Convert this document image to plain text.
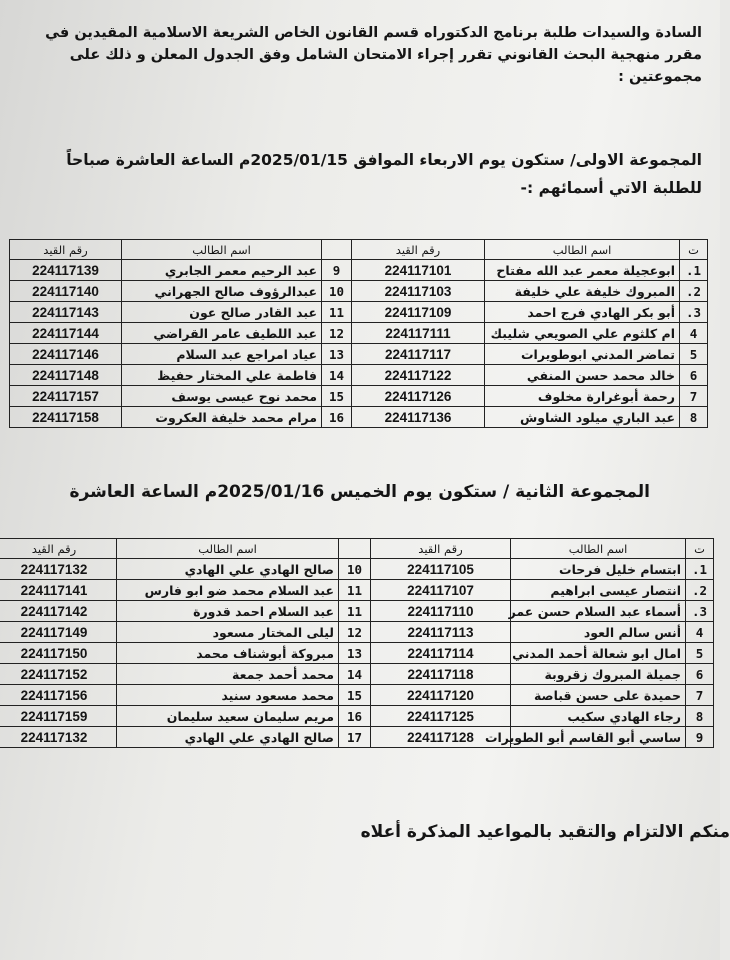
السادة والسيدات طلبة برنامج الدكتوراه قسم القانون الخاص الشريعة الاسلامية المقيدين في
مقرر منهجية البحث القانوني تقرر إجراء الامتحان الشامل وفق الجدول المعلن و ذلك على
مجموعتين :
المجموعة الاولى/ ستكون يوم الاربعاء الموافق 2025/01/15م الساعة العاشرة صباحاً
للطلبة الاتي أسمائهم :-
ت	اسم الطالب	رقم القيد		اسم الطالب	رقم القيد
1.	ابوعجيلة معمر عبد الله مفتاح	224117101	9	عبد الرحيم معمر الجابري	224117139
2.	المبروك خليفة علي خليفة	224117103	10	عبدالرؤوف صالح الجهراني	224117140
3.	أبو بكر الهادي فرج احمد	224117109	11	عبد القادر صالح عون	224117143
4	ام كلثوم علي الصويعي شليبك	224117111	12	عبد اللطيف عامر القراضي	224117144
5	تماضر المدني ابوطويرات	224117117	13	عياد امراجع عبد السلام	224117146
6	خالد محمد حسن المنفي	224117122	14	فاطمة علي المختار حفيظ	224117148
7	رحمة أبوغرارة مخلوف	224117126	15	محمد نوح عيسى يوسف	224117157
8	عبد الباري ميلود الشاوش	224117136	16	مرام محمد خليفة العكروت	224117158
المجموعة الثانية / ستكون يوم الخميس 2025/01/16م الساعة العاشرة
ت	اسم الطالب	رقم القيد		اسم الطالب	رقم القيد
1.	ابتسام خليل فرحات	224117105	10	صالح الهادي علي الهادي	224117132
2.	انتصار عيسى ابراهيم	224117107	11	عبد السلام محمد ضو ابو فارس	224117141
3.	أسماء عبد السلام حسن عمر	224117110	11	عبد السلام احمد قدورة	224117142
4	أنس سالم العود	224117113	12	ليلى المختار مسعود	224117149
5	امال ابو شعالة أحمد المدني	224117114	13	مبروكة أبوشناف محمد	224117150
6	جميلة المبروك زقروبة	224117118	14	محمد أحمد جمعة	224117152
7	حميدة على حسن قباصة	224117120	15	محمد مسعود سنيد	224117156
8	رجاء الهادي سكيب	224117125	16	مريم سليمان سعيد سليمان	224117159
9	ساسي أبو القاسم أبو الطويرات	224117128	17	صالح الهادي علي الهادي	224117132
منكم الالتزام والتقيد بالمواعيد المذكرة أعلاه
